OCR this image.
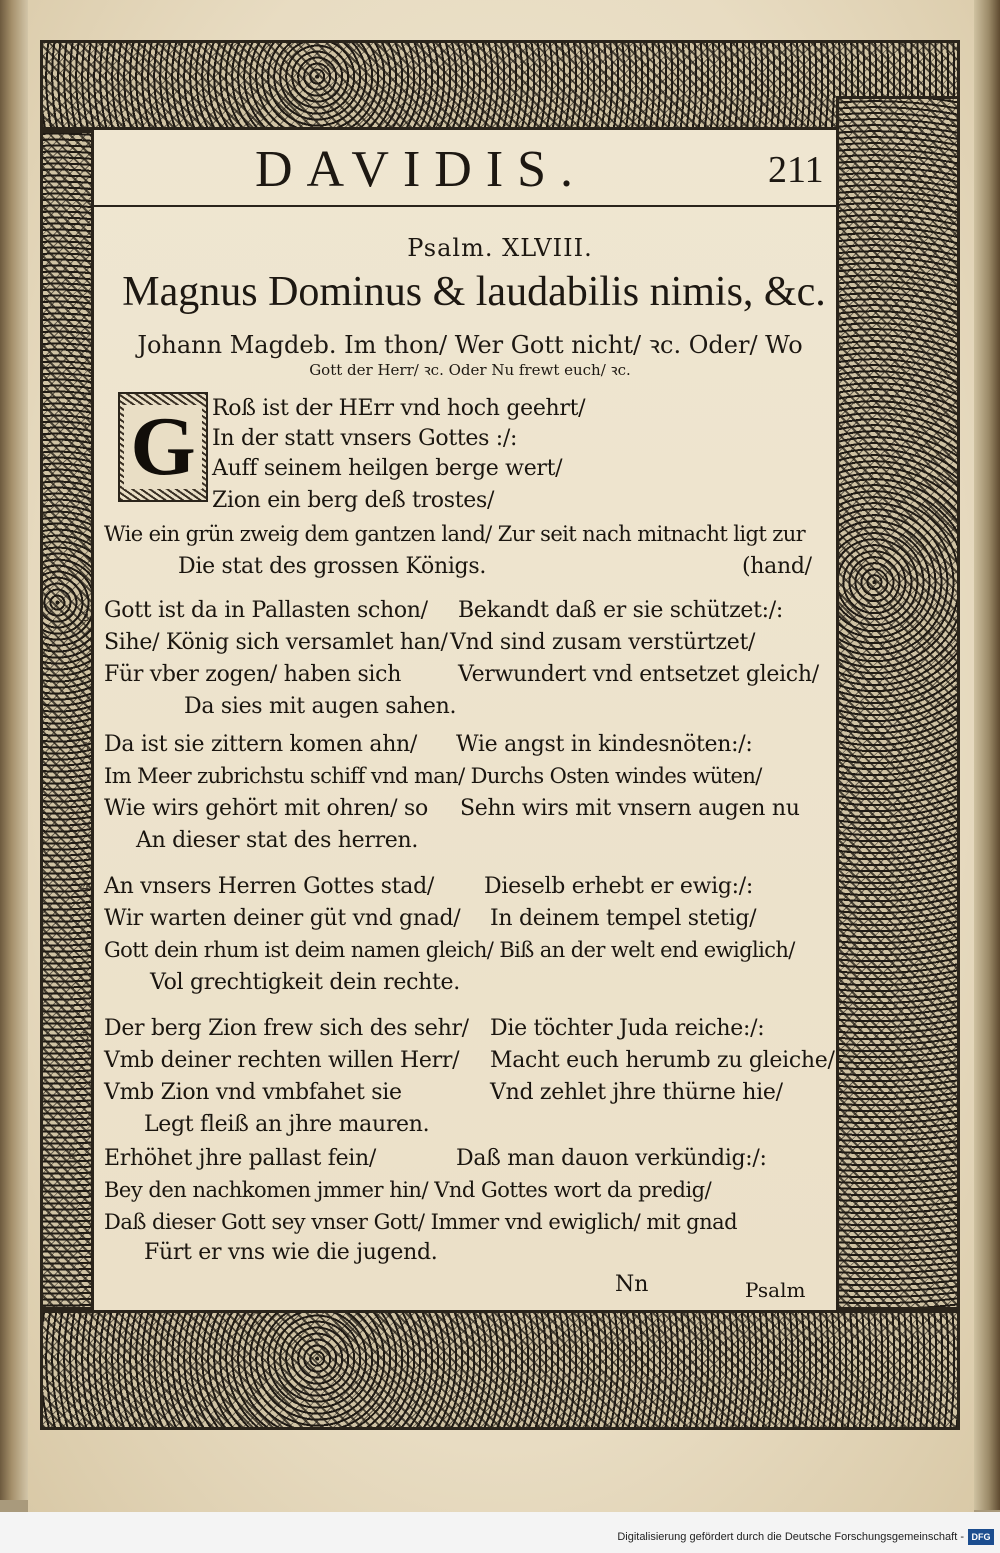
DAVIDIS.	211
Psalm. XLVIII.
Magnus Dominus & laudabilis nimis, &c.
Johann Magdeb. Im thon/ Wer Gott nicht/ ꝛc. Oder/ Wo
Gott der Herr/ ꝛc. Oder Nu frewt euch/ ꝛc.
1 G Roß ist der HErr vnd hoch geehrt/
In der statt vnsers Gottes :/:
Auff seinem heilgen berge wert/
Zion ein berg deß trostes/
Wie ein grün zweig dem gantzen land/ Zur seit nach mitnacht ligt zur
Die stat des grossen Königs.	(hand/
2 Gott ist da in Pallasten schon/ Bekandt daß er sie schützet:/:
Sihe/ König sich versamlet han/ Vnd sind zusam verstürtzet/
Für vber zogen/ haben sich	Verwundert vnd entsetzet gleich/
Da sies mit augen sahen.
3 Da ist sie zittern komen ahn/ Wie angst in kindesnöten:/:
Im Meer zubrichstu schiff vnd man/ Durchs Osten windes wüten/
Wie wirs gehört mit ohren/ so Sehn wirs mit vnsern augen nu
An dieser stat des herren.
4 An vnsers Herren Gottes stad/ Dieselb erhebt er ewig:/:
Wir warten deiner güt vnd gnad/ In deinem tempel stetig/
Gott dein rhum ist deim namen gleich/ Biß an der welt end ewiglich/
Vol grechtigkeit dein rechte.
5 Der berg Zion frew sich des sehr/ Die töchter Juda reiche:/:
Vmb deiner rechten willen Herr/ Macht euch herumb zu gleiche/
Vmb Zion vnd vmbfahet sie	Vnd zehlet jhre thürne hie/
Legt fleiß an jhre mauren.
6 Erhöhet jhre pallast fein/	Daß man dauon verkündig:/:
Bey den nachkomen jmmer hin/ Vnd Gottes wort da predig/
Daß dieser Gott sey vnser Gott/ Immer vnd ewiglich/ mit gnad
Fürt er vns wie die jugend.
Nn	Psalm
Digitalisierung gefördert durch die Deutsche Forschungsgemeinschaft - DFG
